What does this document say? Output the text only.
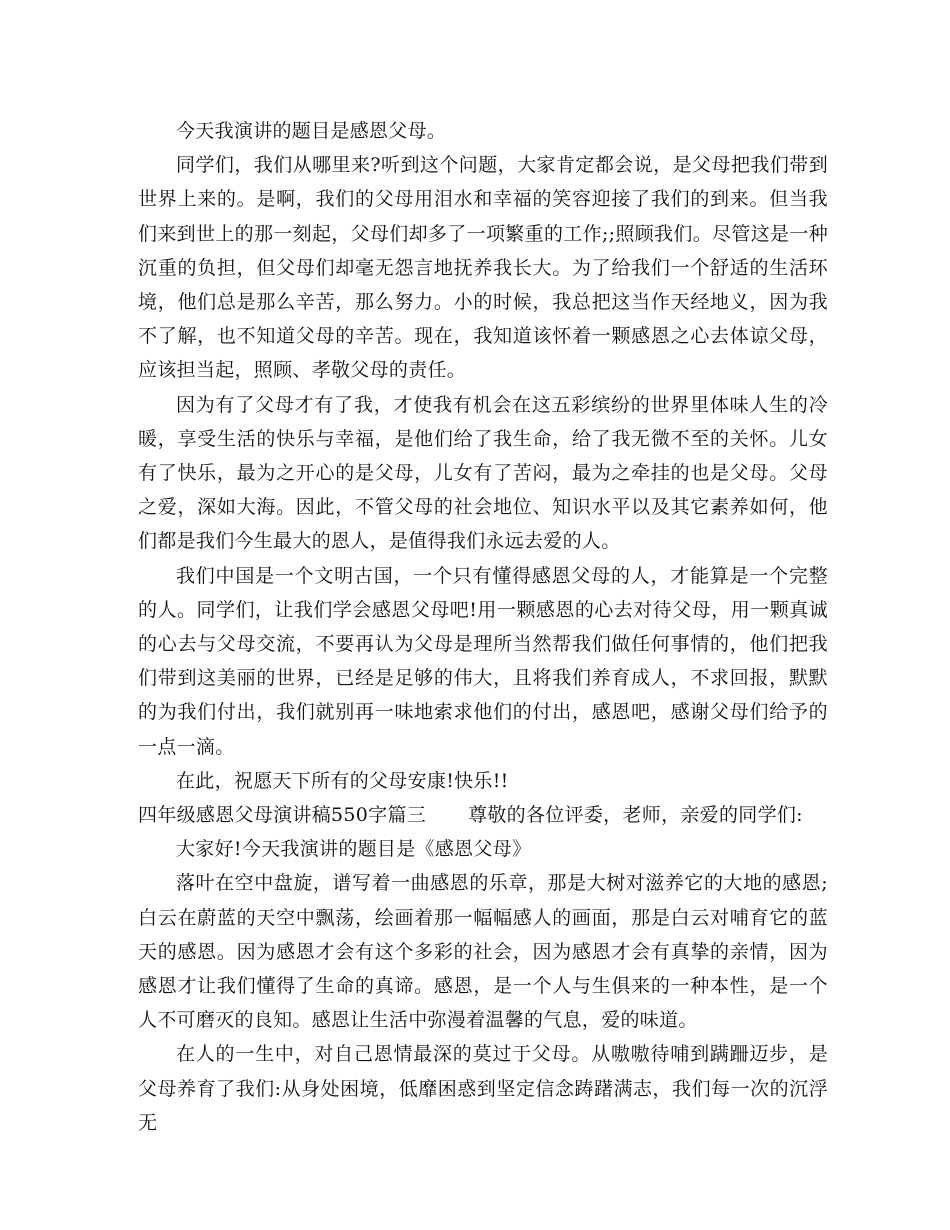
今天我演讲的题目是感恩父母。

同学们，我们从哪里来?听到这个问题，大家肯定都会说，是父母把我们带到世界上来的。是啊，我们的父母用泪水和幸福的笑容迎接了我们的到来。但当我们来到世上的那一刻起，父母们却多了一项繁重的工作;;照顾我们。尽管这是一种沉重的负担，但父母们却毫无怨言地抚养我长大。为了给我们一个舒适的生活环境，他们总是那么辛苦，那么努力。小的时候，我总把这当作天经地义，因为我不了解，也不知道父母的辛苦。现在，我知道该怀着一颗感恩之心去体谅父母，应该担当起，照顾、孝敬父母的责任。

因为有了父母才有了我，才使我有机会在这五彩缤纷的世界里体味人生的冷暖，享受生活的快乐与幸福，是他们给了我生命，给了我无微不至的关怀。儿女有了快乐，最为之开心的是父母，儿女有了苦闷，最为之牵挂的也是父母。父母之爱，深如大海。因此，不管父母的社会地位、知识水平以及其它素养如何，他们都是我们今生最大的恩人，是值得我们永远去爱的人。

我们中国是一个文明古国，一个只有懂得感恩父母的人，才能算是一个完整的人。同学们，让我们学会感恩父母吧!用一颗感恩的心去对待父母，用一颗真诚的心去与父母交流，不要再认为父母是理所当然帮我们做任何事情的，他们把我们带到这美丽的世界，已经是足够的伟大，且将我们养育成人，不求回报，默默的为我们付出，我们就别再一味地索求他们的付出，感恩吧，感谢父母们给予的一点一滴。

在此，祝愿天下所有的父母安康!快乐!!

四年级感恩父母演讲稿550字篇三 尊敬的各位评委，老师，亲爱的同学们:

大家好!今天我演讲的题目是《感恩父母》

落叶在空中盘旋，谱写着一曲感恩的乐章，那是大树对滋养它的大地的感恩;白云在蔚蓝的天空中飘荡，绘画着那一幅幅感人的画面，那是白云对哺育它的蓝天的感恩。因为感恩才会有这个多彩的社会，因为感恩才会有真挚的亲情，因为感恩才让我们懂得了生命的真谛。感恩，是一个人与生俱来的一种本性，是一个人不可磨灭的良知。感恩让生活中弥漫着温馨的气息，爱的味道。

在人的一生中，对自己恩情最深的莫过于父母。从嗷嗷待哺到蹒跚迈步，是父母养育了我们:从身处困境，低靡困惑到坚定信念踌躇满志，我们每一次的沉浮无
